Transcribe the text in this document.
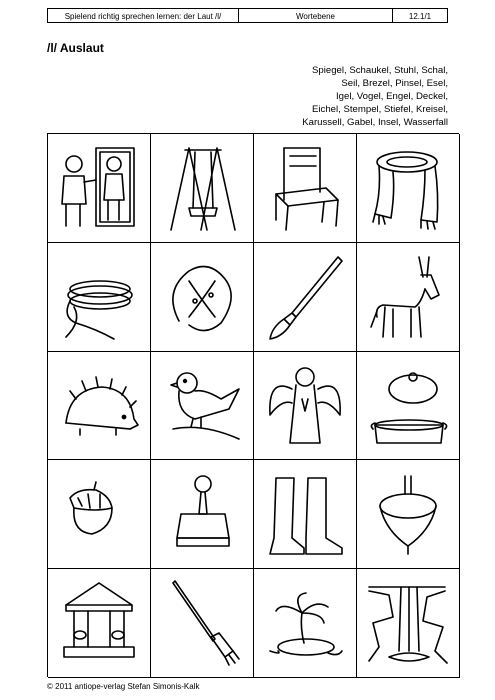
Spielend richtig sprechen lernen: der Laut /l/	Wortebene	12.1/1
/l/ Auslaut
Spiegel, Schaukel, Stuhl, Schal,
Seil, Brezel, Pinsel, Esel,
Igel, Vogel, Engel, Deckel,
Eichel, Stempel, Stiefel, Kreisel,
Karussell, Gabel, Insel, Wasserfall
© 2011 antiope-verlag Stefan Simonis-Kalk
